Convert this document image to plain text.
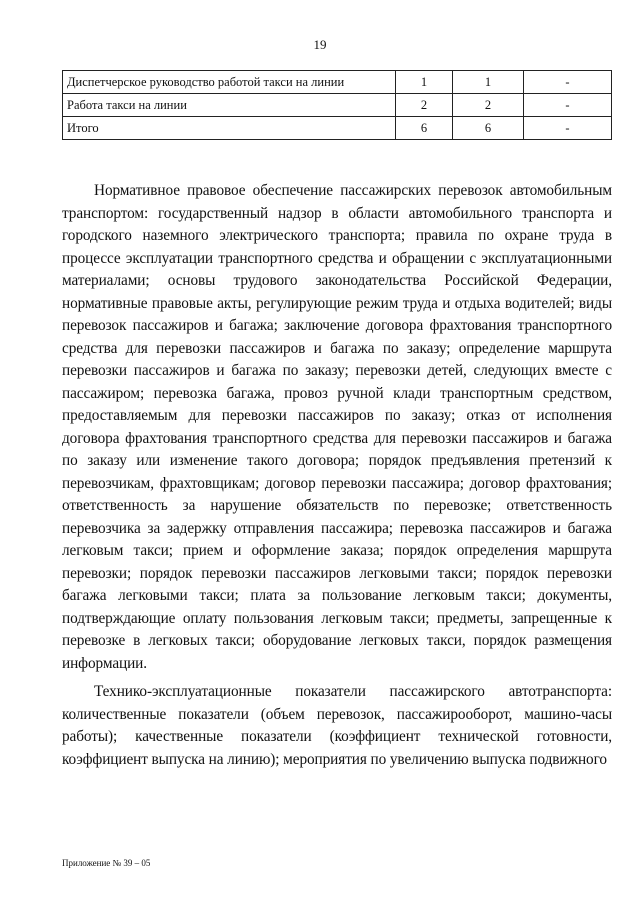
19
Диспетчерское руководство работой такси на линии	1	1	-
Работа такси на линии	2	2	-
Итого	6	6	-

Нормативное правовое обеспечение пассажирских перевозок автомобильным транспортом: государственный надзор в области автомобильного транспорта и городского наземного электрического транспорта; правила по охране труда в процессе эксплуатации транспортного средства и обращении с эксплуатационными материалами; основы трудового законодательства Российской Федерации, нормативные правовые акты, регулирующие режим труда и отдыха водителей; виды перевозок пассажиров и багажа; заключение договора фрахтования транспортного средства для перевозки пассажиров и багажа по заказу; определение маршрута перевозки пассажиров и багажа по заказу; перевозки детей, следующих вместе с пассажиром; перевозка багажа, провоз ручной клади транспортным средством, предоставляемым для перевозки пассажиров по заказу; отказ от исполнения договора фрахтования транспортного средства для перевозки пассажиров и багажа по заказу или изменение такого договора; порядок предъявления претензий к перевозчикам, фрахтовщикам; договор перевозки пассажира; договор фрахтования; ответственность за нарушение обязательств по перевозке; ответственность перевозчика за задержку отправления пассажира; перевозка пассажиров и багажа легковым такси; прием и оформление заказа; порядок определения маршрута перевозки; порядок перевозки пассажиров легковыми такси; порядок перевозки багажа легковыми такси; плата за пользование легковым такси; документы, подтверждающие оплату пользования легковым такси; предметы, запрещенные к перевозке в легковых такси; оборудование легковых такси, порядок размещения информации.

Технико-эксплуатационные показатели пассажирского автотранспорта: количественные показатели (объем перевозок, пассажирооборот, машино-часы работы); качественные показатели (коэффициент технической готовности, коэффициент выпуска на линию); мероприятия по увеличению выпуска подвижного

Приложение № 39 – 05
